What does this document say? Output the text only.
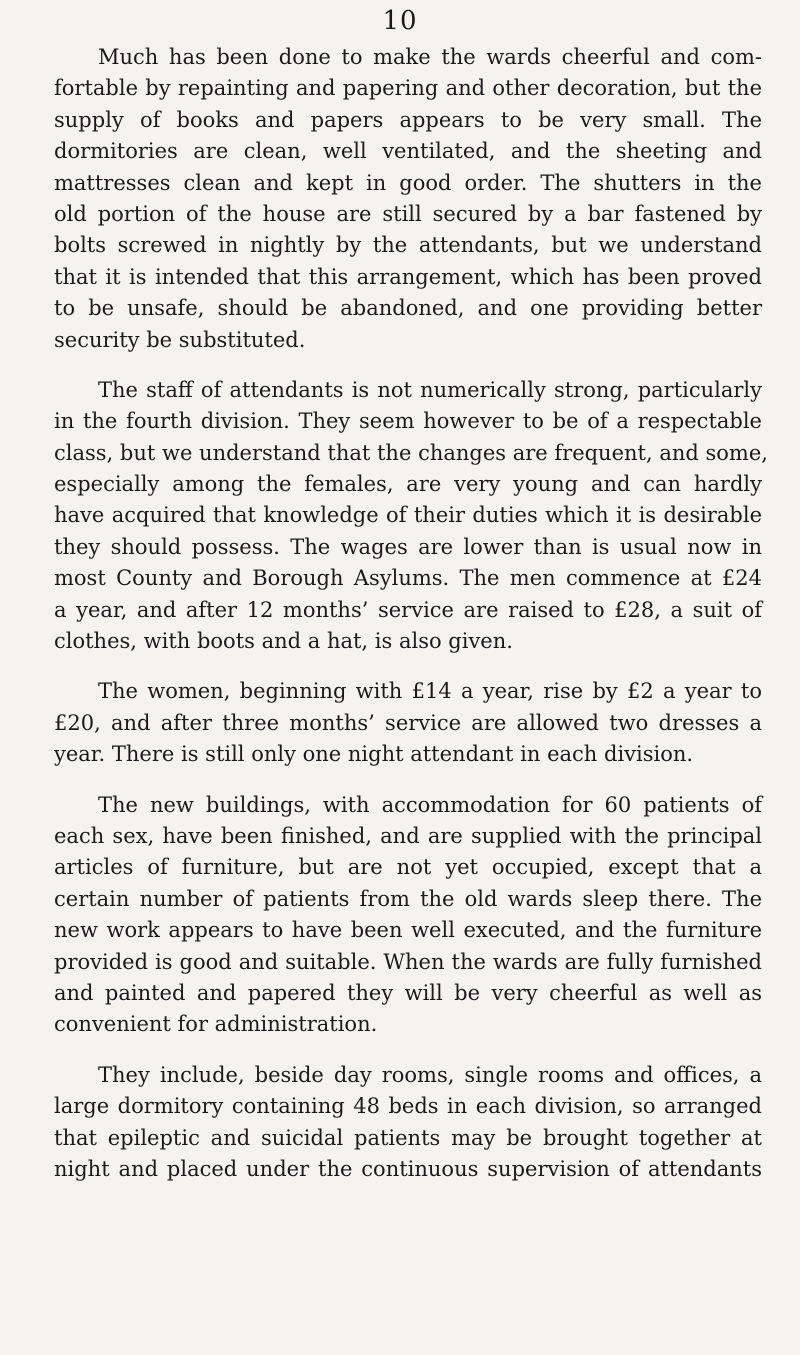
10
Much has been done to make the wards cheerful and com-
fortable by repainting and papering and other decoration, but the
supply of books and papers appears to be very small. The
dormitories are clean, well ventilated, and the sheeting and
mattresses clean and kept in good order. The shutters in the
old portion of the house are still secured by a bar fastened by
bolts screwed in nightly by the attendants, but we understand
that it is intended that this arrangement, which has been proved
to be unsafe, should be abandoned, and one providing better
security be substituted.
The staff of attendants is not numerically strong, particularly
in the fourth division. They seem however to be of a respectable
class, but we understand that the changes are frequent, and some,
especially among the females, are very young and can hardly
have acquired that knowledge of their duties which it is desirable
they should possess. The wages are lower than is usual now in
most County and Borough Asylums. The men commence at £24
a year, and after 12 months’ service are raised to £28, a suit of
clothes, with boots and a hat, is also given.
The women, beginning with £14 a year, rise by £2 a year to
£20, and after three months’ service are allowed two dresses a
year. There is still only one night attendant in each division.
The new buildings, with accommodation for 60 patients of
each sex, have been finished, and are supplied with the principal
articles of furniture, but are not yet occupied, except that a
certain number of patients from the old wards sleep there. The
new work appears to have been well executed, and the furniture
provided is good and suitable. When the wards are fully furnished
and painted and papered they will be very cheerful as well as
convenient for administration.
They include, beside day rooms, single rooms and offices, a
large dormitory containing 48 beds in each division, so arranged
that epileptic and suicidal patients may be brought together at
night and placed under the continuous supervision of attendants
